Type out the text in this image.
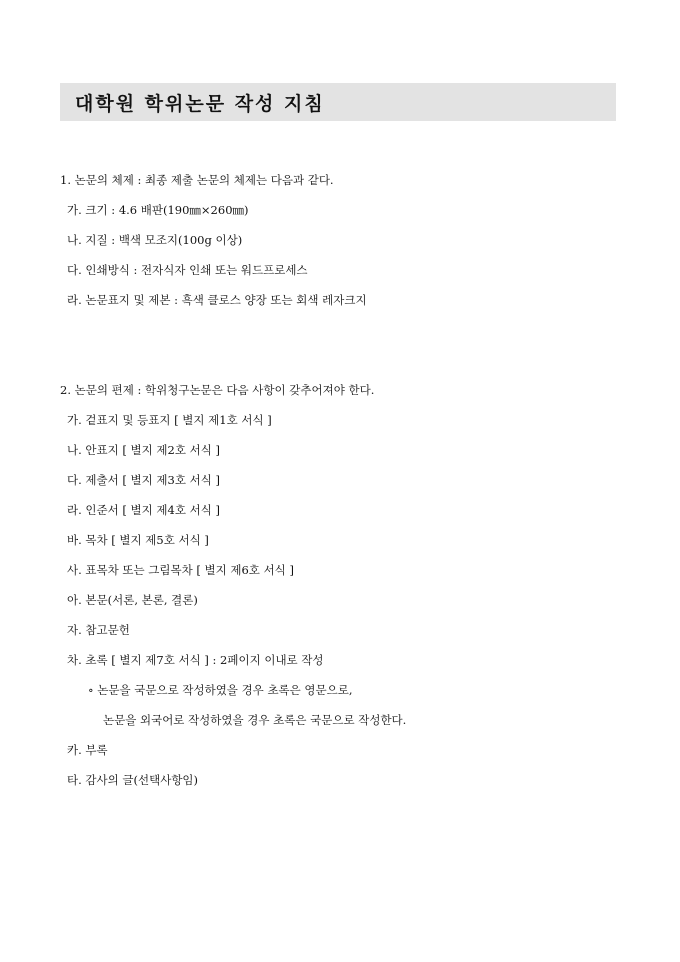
대학원 학위논문 작성 지침
1. 논문의 체제 : 최종 제출 논문의 체제는 다음과 같다.
가. 크기 : 4.6 배판(190㎜×260㎜)
나. 지질 : 백색 모조지(100g 이상)
다. 인쇄방식 : 전자식자 인쇄 또는 워드프로세스
라. 논문표지 및 제본 : 흑색 클로스 양장 또는 회색 레자크지
2. 논문의 편제 : 학위청구논문은 다음 사항이 갖추어져야 한다.
가. 겉표지 및 등표지 [ 별지 제1호 서식 ]
나. 안표지 [ 별지 제2호 서식 ]
다. 제출서 [ 별지 제3호 서식 ]
라. 인준서 [ 별지 제4호 서식 ]
바. 목차 [ 별지 제5호 서식 ]
사. 표목차 또는 그림목차 [ 별지 제6호 서식 ]
아. 본문(서론, 본론, 결론)
자. 참고문헌
차. 초록 [ 별지 제7호 서식 ] : 2페이지 이내로 작성
∘ 논문을 국문으로 작성하였을 경우 초록은 영문으로,
논문을 외국어로 작성하였을 경우 초록은 국문으로 작성한다.
카. 부록
타. 감사의 글(선택사항임)
